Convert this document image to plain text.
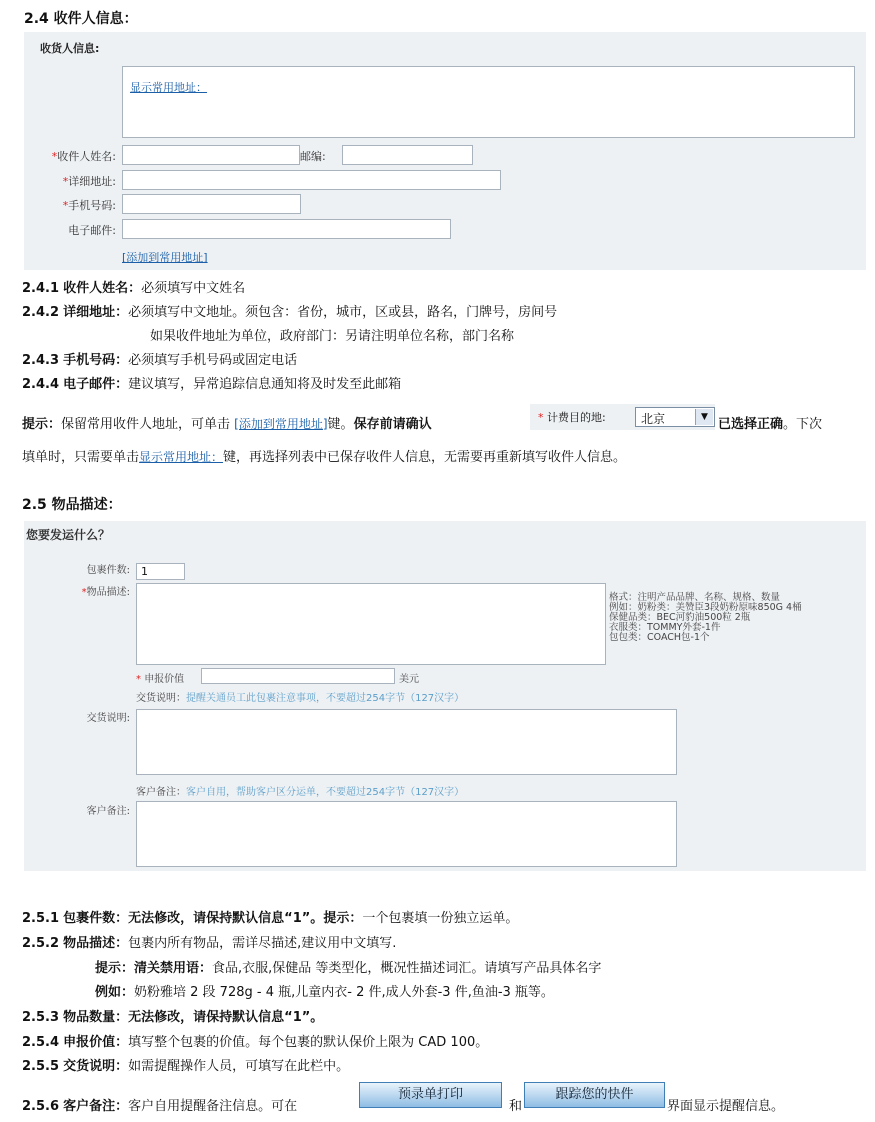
2.4 收件人信息：
收货人信息:
显示常用地址：
*收件人姓名:	邮编:
*详细地址:
*手机号码:
电子邮件:
[添加到常用地址]
2.4.1 收件人姓名：必须填写中文姓名
2.4.2 详细地址：必须填写中文地址。须包含：省份，城市，区或县，路名，门牌号，房间号
如果收件地址为单位，政府部门：另请注明单位名称，部门名称
2.4.3 手机号码：必须填写手机号码或固定电话
2.4.4 电子邮件：建议填写，异常追踪信息通知将及时发至此邮箱
提示：保留常用收件人地址，可单击 [添加到常用地址]键。保存前请确认	* 计费目的地:	北京	▼ 已选择正确。下次
填单时，只需要单击显示常用地址：键，再选择列表中已保存收件人信息，无需要再重新填写收件人信息。
2.5 物品描述：
您要发运什么？
包裹件数:	1
*物品描述:	格式：注明产品品牌、名称、规格、数量
例如：奶粉类：美赞臣3段奶粉原味850G 4桶
保健品类：BEC河豹油500粒 2瓶
衣服类：TOMMY外套-1件
包包类：COACH包-1个
* 申报价值	美元
交货说明：提醒关通员工此包裹注意事项，不要超过254字节（127汉字）
交货说明:
客户备注：客户自用，帮助客户区分运单，不要超过254字节（127汉字）
客户备注:
2.5.1 包裹件数：无法修改，请保持默认信息“1”。提示：一个包裹填一份独立运单。
2.5.2 物品描述：包裹内所有物品，需详尽描述,建议用中文填写.
提示：清关禁用语：食品,衣服,保健品 等类型化，概况性描述词汇。请填写产品具体名字
例如：奶粉雅培 2 段 728g - 4 瓶,儿童内衣- 2 件,成人外套-3 件,鱼油-3 瓶等。
2.5.3 物品数量：无法修改，请保持默认信息“1”。
2.5.4 申报价值：填写整个包裹的价值。每个包裹的默认保价上限为 CAD 100。
2.5.5 交货说明：如需提醒操作人员，可填写在此栏中。
2.5.6 客户备注：客户自用提醒备注信息。可在
预录单打印
和
跟踪您的快件
界面显示提醒信息。
